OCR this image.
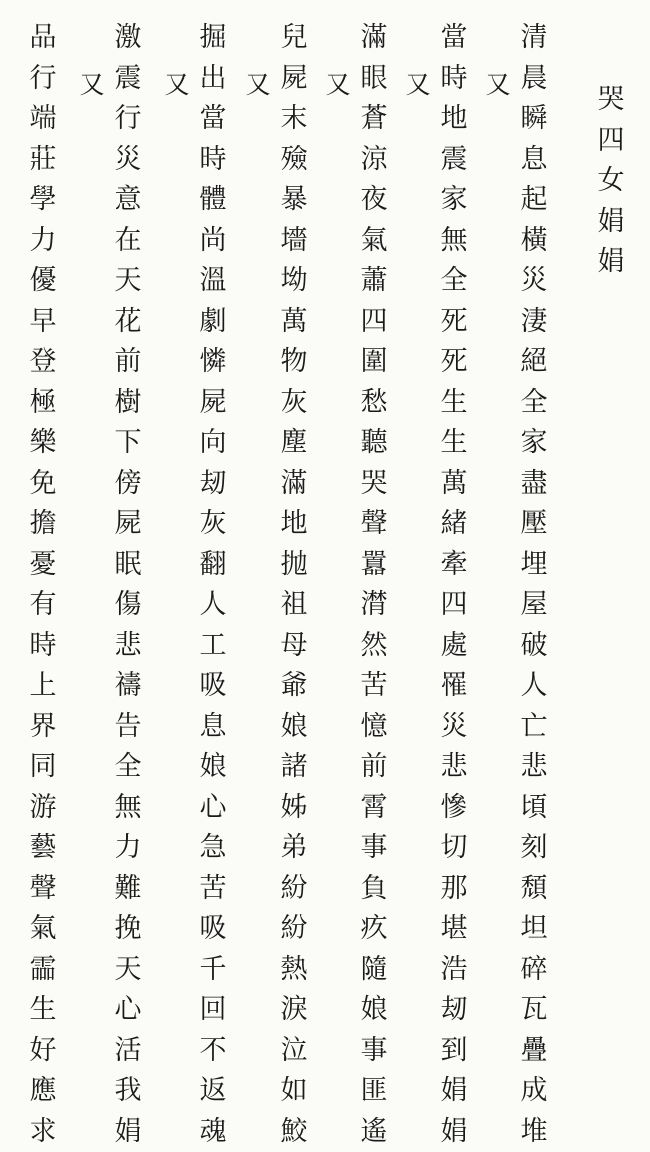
哭
四
女
娟
娟
清
晨
瞬
息
起
橫
災
淒
絕
全
家
盡
壓
埋
屋
破
人
亡
悲
頃
刻
頹
坦
碎
瓦
疊
成
堆
又
當
時
地
震
家
無
全
死
死
生
生
萬
緒
牽
四
處
罹
災
悲
慘
切
那
堪
浩
刼
到
娟
娟
又
滿
眼
蒼
涼
夜
氣
蕭
四
圍
愁
聽
哭
聲
囂
潸
然
苦
憶
前
霄
事
負
疚
隨
娘
事
匪
遙
又
兒
屍
末
殮
暴
墻
坳
萬
物
灰
塵
滿
地
抛
祖
母
爺
娘
諸
姊
弟
紛
紛
熱
淚
泣
如
鮫
又
掘
出
當
時
體
尚
溫
劇
憐
屍
向
刼
灰
翻
人
工
吸
息
娘
心
急
苦
吸
千
回
不
返
魂
又
激
震
行
災
意
在
天
花
前
樹
下
傍
屍
眠
傷
悲
禱
告
全
無
力
難
挽
天
心
活
我
娟
又
品
行
端
莊
學
力
優
早
登
極
樂
免
擔
憂
有
時
上
界
同
游
藝
聲
氣
霝
生
好
應
求
